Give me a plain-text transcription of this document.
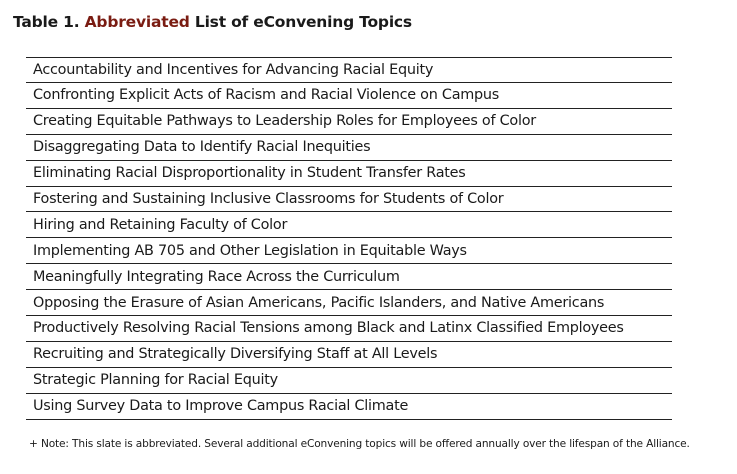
Table 1. Abbreviated List of eConvening Topics
Accountability and Incentives for Advancing Racial Equity
Confronting Explicit Acts of Racism and Racial Violence on Campus
Creating Equitable Pathways to Leadership Roles for Employees of Color
Disaggregating Data to Identify Racial Inequities
Eliminating Racial Disproportionality in Student Transfer Rates
Fostering and Sustaining Inclusive Classrooms for Students of Color
Hiring and Retaining Faculty of Color
Implementing AB 705 and Other Legislation in Equitable Ways
Meaningfully Integrating Race Across the Curriculum
Opposing the Erasure of Asian Americans, Pacific Islanders, and Native Americans
Productively Resolving Racial Tensions among Black and Latinx Classified Employees
Recruiting and Strategically Diversifying Staff at All Levels
Strategic Planning for Racial Equity
Using Survey Data to Improve Campus Racial Climate
+ Note: This slate is abbreviated. Several additional eConvening topics will be offered annually over the lifespan of the Alliance.
